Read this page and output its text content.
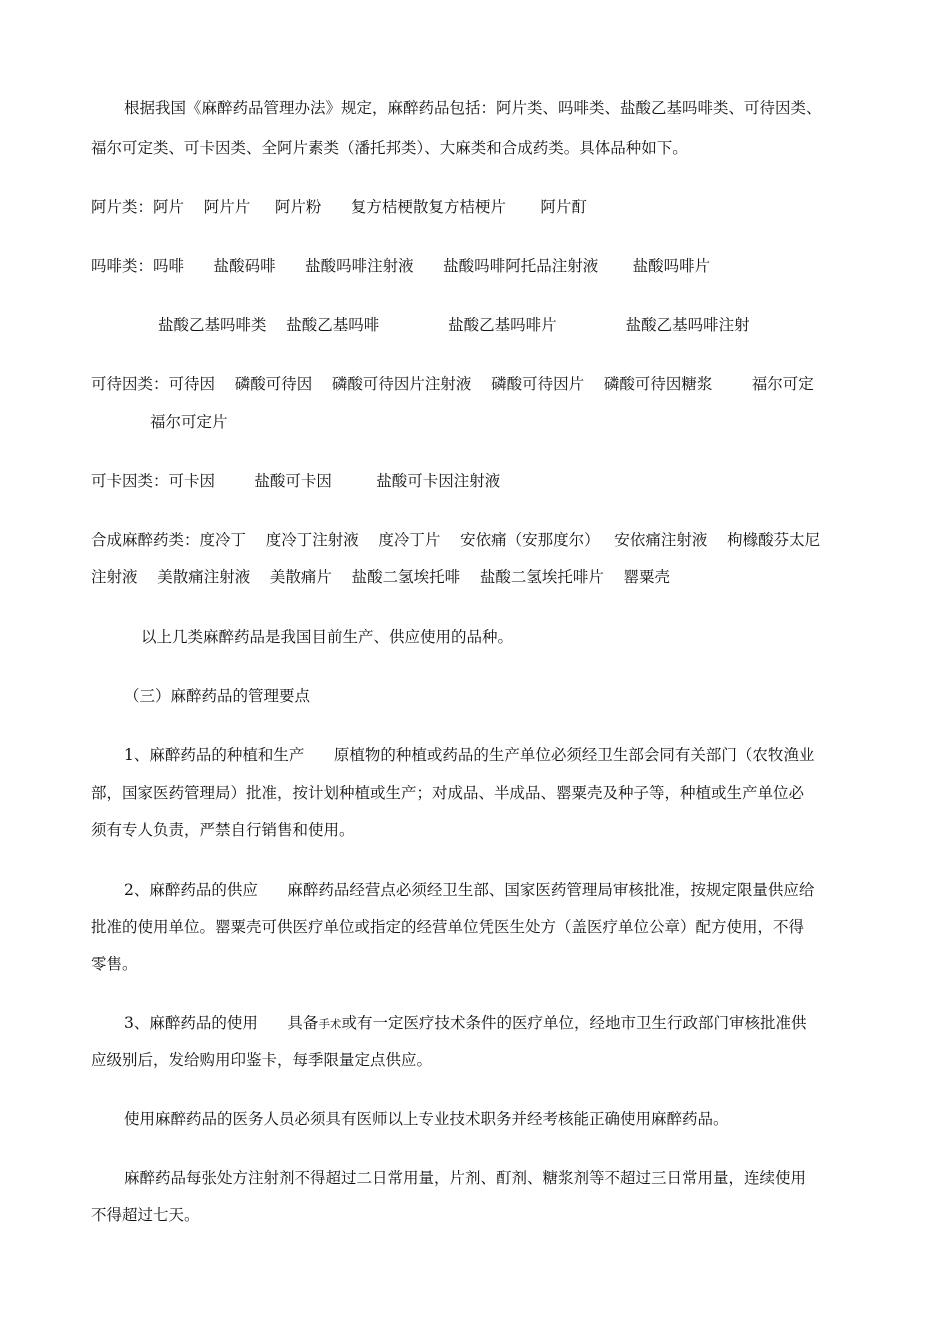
根据我国《麻醉药品管理办法》规定，麻醉药品包括：阿片类、吗啡类、盐酸乙基吗啡类、可待因类、

福尔可定类、可卡因类、全阿片素类（潘托邦类）、大麻类和合成药类。具体品种如下。

阿片类：阿片    阿片片     阿片粉      复方桔梗散复方桔梗片       阿片酊

吗啡类：吗啡      盐酸码啡      盐酸吗啡注射液      盐酸吗啡阿托品注射液       盐酸吗啡片

盐酸乙基吗啡类    盐酸乙基吗啡              盐酸乙基吗啡片              盐酸乙基吗啡注射

可待因类：可待因    磷酸可待因    磷酸可待因片注射液    磷酸可待因片    磷酸可待因糖浆        福尔可定

福尔可定片

可卡因类：可卡因        盐酸可卡因         盐酸可卡因注射液

合成麻醉药类：度冷丁    度冷丁注射液    度冷丁片    安依痛（安那度尔）   安依痛注射液    枸橼酸芬太尼

注射液    美散痛注射液    美散痛片    盐酸二氢埃托啡    盐酸二氢埃托啡片    罂粟壳

以上几类麻醉药品是我国目前生产、供应使用的品种。

（三）麻醉药品的管理要点

1、麻醉药品的种植和生产      原植物的种植或药品的生产单位必须经卫生部会同有关部门（农牧渔业

部，国家医药管理局）批准，按计划种植或生产；对成品、半成品、罂粟壳及种子等，种植或生产单位必

须有专人负责，严禁自行销售和使用。

2、麻醉药品的供应      麻醉药品经营点必须经卫生部、国家医药管理局审核批准，按规定限量供应给

批准的使用单位。罂粟壳可供医疗单位或指定的经营单位凭医生处方（盖医疗单位公章）配方使用，不得

零售。

3、麻醉药品的使用      具备手术或有一定医疗技术条件的医疗单位，经地市卫生行政部门审核批准供

应级别后，发给购用印鉴卡，每季限量定点供应。

使用麻醉药品的医务人员必须具有医师以上专业技术职务并经考核能正确使用麻醉药品。

麻醉药品每张处方注射剂不得超过二日常用量，片剂、酊剂、糖浆剂等不超过三日常用量，连续使用

不得超过七天。
